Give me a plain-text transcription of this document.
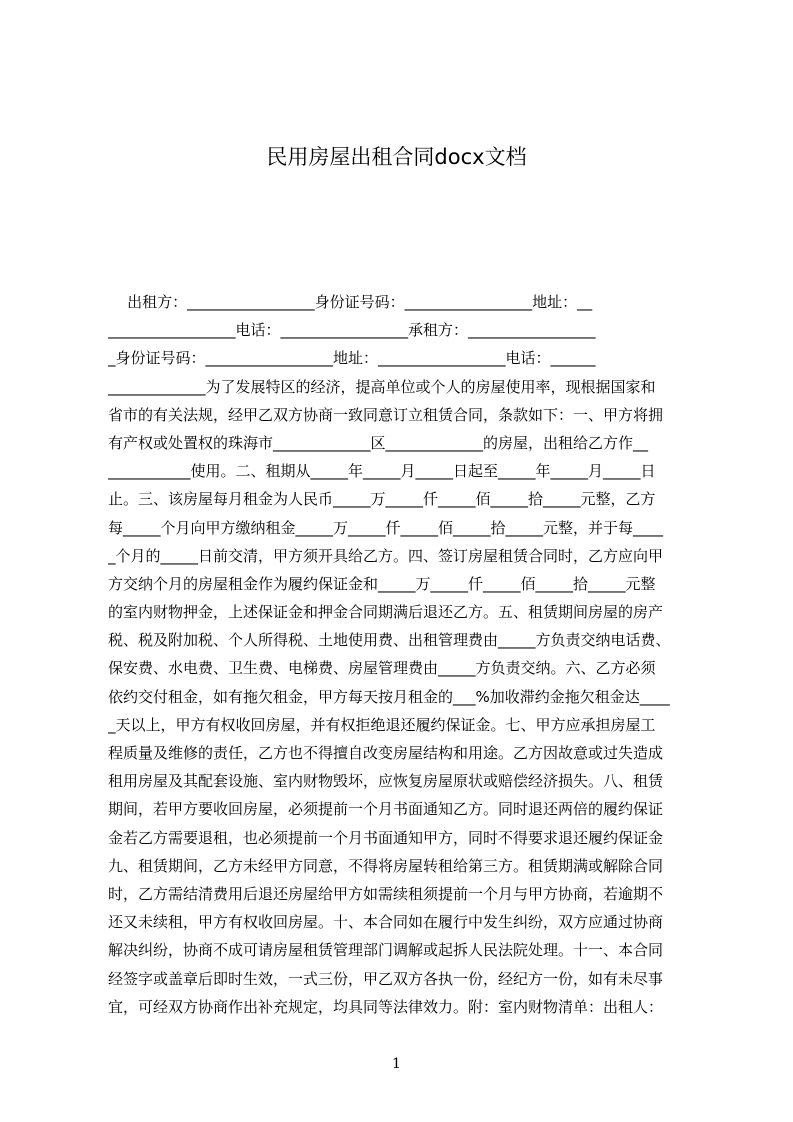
民用房屋出租合同docx文档
出租方：_________________身份证号码：_________________地址：__
_________________电话：_________________承租方：_________________
_身份证号码：_________________地址：_________________电话：______
_____________为了发展特区的经济，提高单位或个人的房屋使用率，现根据国家和
省市的有关法规，经甲乙双方协商一致同意订立租赁合同，条款如下：一、甲方将拥
有产权或处置权的珠海市_____________区_____________的房屋，出租给乙方作__
___________使用。二、租期从_____年_____月_____日起至_____年_____月_____日
止。三、该房屋每月租金为人民币_____万_____仟_____佰_____拾_____元整，乙方
每_____个月向甲方缴纳租金_____万_____仟_____佰_____拾_____元整，并于每____
_个月的_____日前交清，甲方须开具给乙方。四、签订房屋租赁合同时，乙方应向甲
方交纳个月的房屋租金作为履约保证金和_____万_____仟_____佰_____拾_____元整
的室内财物押金，上述保证金和押金合同期满后退还乙方。五、租赁期间房屋的房产
税、税及附加税、个人所得税、土地使用费、出租管理费由_____方负责交纳电话费、
保安费、水电费、卫生费、电梯费、房屋管理费由_____方负责交纳。六、乙方必须
依约交付租金，如有拖欠租金，甲方每天按月租金的___%加收滞约金拖欠租金达____
_天以上，甲方有权收回房屋，并有权拒绝退还履约保证金。七、甲方应承担房屋工
程质量及维修的责任，乙方也不得擅自改变房屋结构和用途。乙方因故意或过失造成
租用房屋及其配套设施、室内财物毁坏，应恢复房屋原状或赔偿经济损失。八、租赁
期间，若甲方要收回房屋，必须提前一个月书面通知乙方。同时退还两倍的履约保证
金若乙方需要退租，也必须提前一个月书面通知甲方，同时不得要求退还履约保证金
九、租赁期间，乙方未经甲方同意，不得将房屋转租给第三方。租赁期满或解除合同
时，乙方需结清费用后退还房屋给甲方如需续租须提前一个月与甲方协商，若逾期不
还又未续租，甲方有权收回房屋。十、本合同如在履行中发生纠纷，双方应通过协商
解决纠纷，协商不成可请房屋租赁管理部门调解或起拆人民法院处理。十一、本合同
经签字或盖章后即时生效，一式三份，甲乙双方各执一份，经纪方一份，如有未尽事
宜，可经双方协商作出补充规定，均具同等法律效力。附：室内财物清单：出租人：
1
